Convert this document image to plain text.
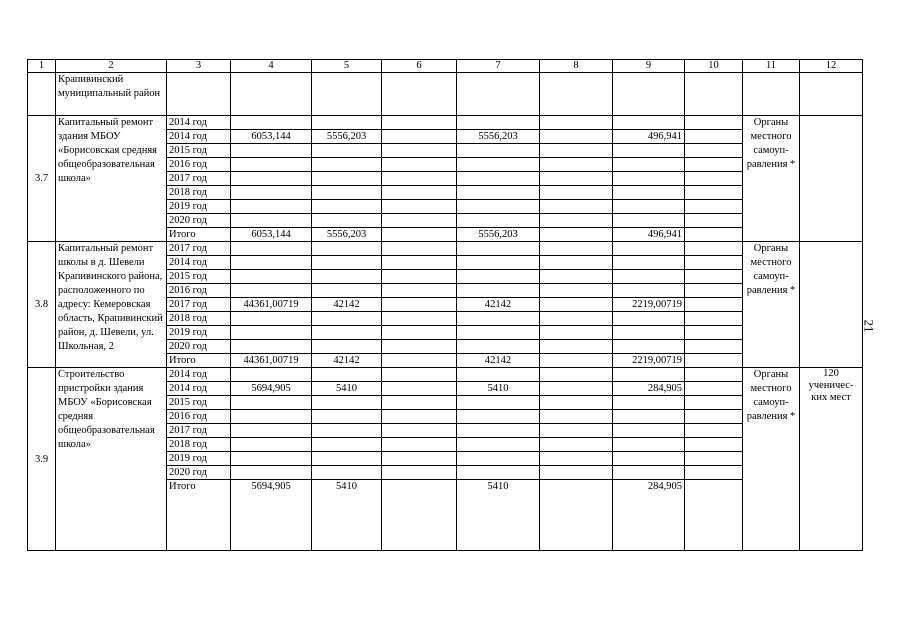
1	2	3	4	5	6	7	8	9	10	11	12
	Крапивинский муниципальный район										
3.7	Капитальный ремонт здания МБОУ «Борисовская средняя общеобразовательная школа»	2014 год								Органы местного самоуп-равления *	
		2014 год	6053,144	5556,203		5556,203		496,941			
		2015 год									
		2016 год									
		2017 год									
		2018 год									
		2019 год									
		2020 год									
		Итого	6053,144	5556,203		5556,203		496,941			
3.8	Капитальный ремонт школы в д. Шевели Крапивинского района, расположенного по адресу: Кемеровская область, Крапивинский район, д. Шевели, ул. Школьная, 2	2017 год								Органы местного самоуп-равления *	
		2014 год									
		2015 год									
		2016 год									
		2017 год	44361,00719	42142		42142		2219,00719			
		2018 год									
		2019 год									
		2020 год									
		Итого	44361,00719	42142		42142		2219,00719			
3.9	Строительство пристройки здания МБОУ «Борисовская средняя общеобразовательная школа»	2014 год								Органы местного самоуп-равления *	120 ученичес-ких мест
		2014 год	5694,905	5410		5410		284,905			
		2015 год									
		2016 год									
		2017 год									
		2018 год									
		2019 год									
		2020 год									
		Итого	5694,905	5410		5410		284,905			
21
